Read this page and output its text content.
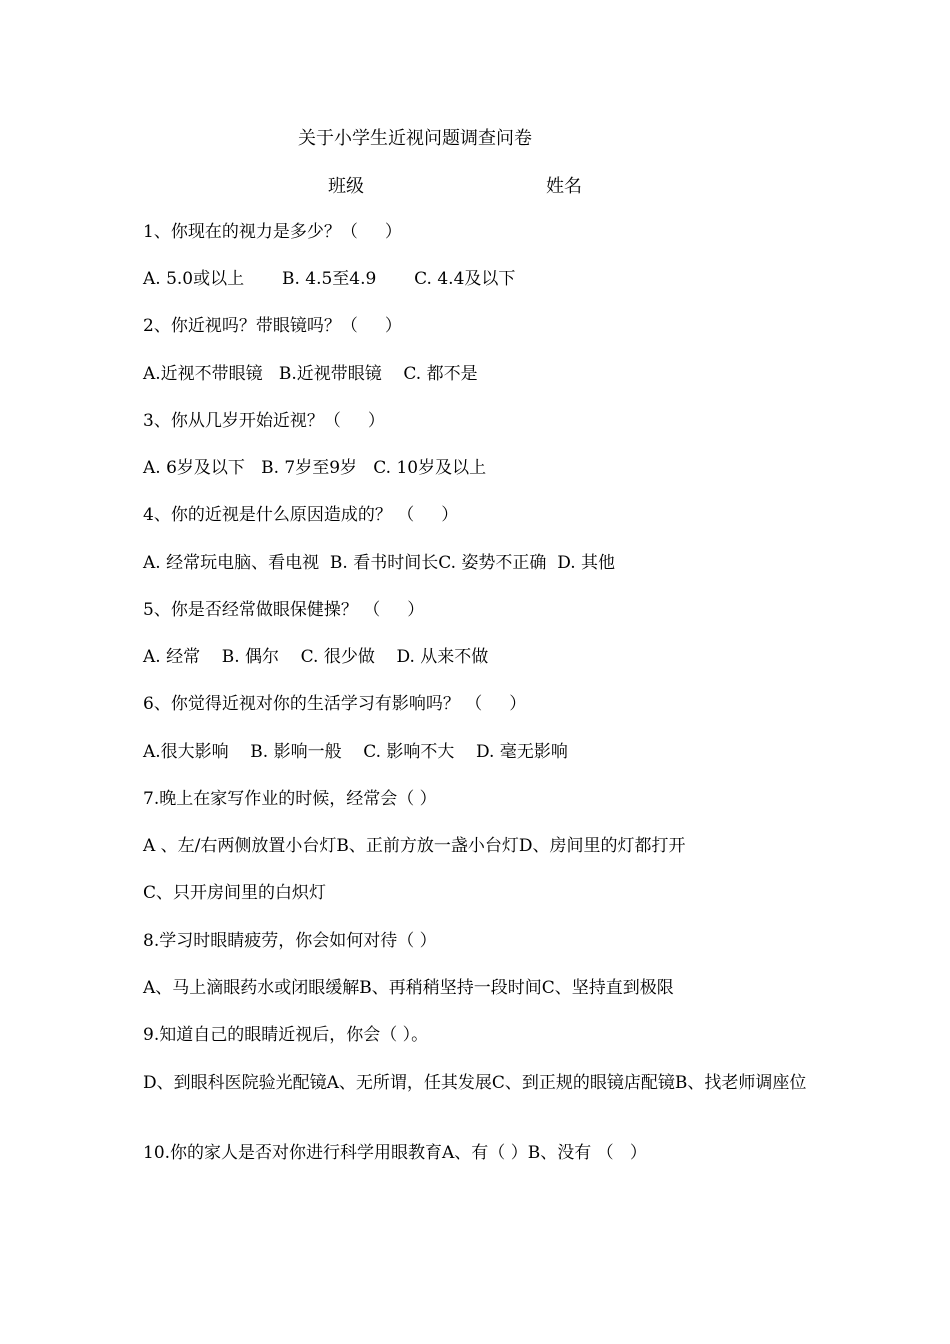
关于小学生近视问题调查问卷
班级	姓名
1、你现在的视力是多少？（     ）
A. 5.0或以上       B. 4.5至4.9       C. 4.4及以下
2、你近视吗？带眼镜吗？（     ）
A.近视不带眼镜   B.近视带眼镜    C. 都不是
3、你从几岁开始近视？（     ）
A. 6岁及以下   B. 7岁至9岁   C. 10岁及以上
4、你的近视是什么原因造成的？ （     ）
A. 经常玩电脑、看电视  B. 看书时间长C. 姿势不正确  D. 其他
5、你是否经常做眼保健操？ （     ）
A. 经常    B. 偶尔    C. 很少做    D. 从来不做
6、你觉得近视对你的生活学习有影响吗？ （     ）
A.很大影响    B. 影响一般    C. 影响不大    D. 毫无影响
7.晚上在家写作业的时候，经常会（ ）
A 、左/右两侧放置小台灯B、正前方放一盏小台灯D、房间里的灯都打开
C、只开房间里的白炽灯
8.学习时眼睛疲劳，你会如何对待（ ）
A、马上滴眼药水或闭眼缓解B、再稍稍坚持一段时间C、坚持直到极限
9.知道自己的眼睛近视后，你会（ ）。
D、到眼科医院验光配镜A、无所谓，任其发展C、到正规的眼镜店配镜B、找老师调座位
10.你的家人是否对你进行科学用眼教育A、有（ ）B、没有 （   ）
